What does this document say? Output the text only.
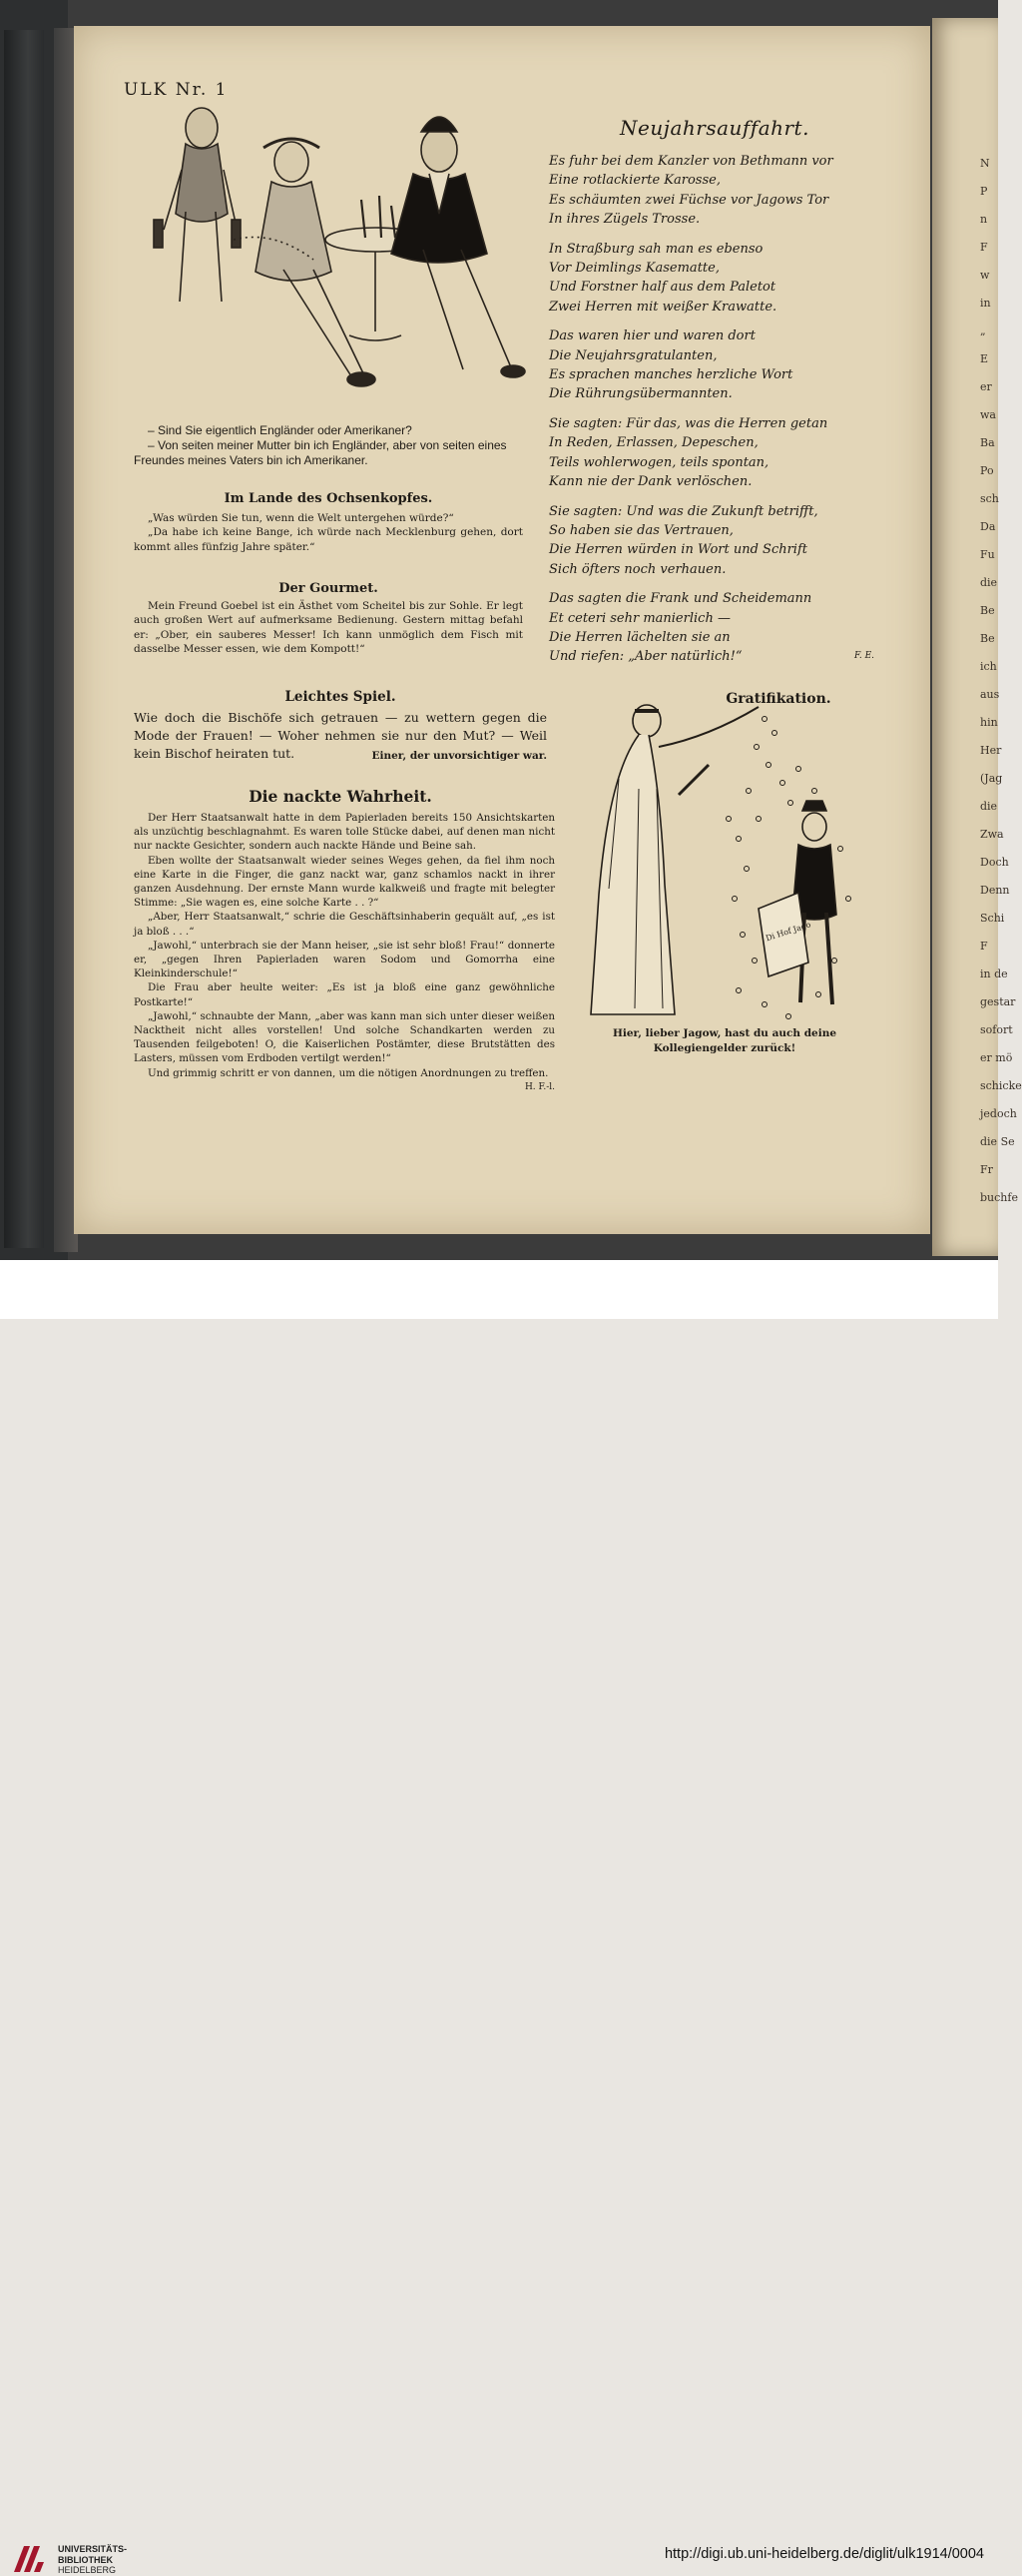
N
P
n
F
w
in
„
E
er
wa
Ba
Po
sch
Da
Fu
die
Be
Be
ich
aus
hin
Her
(Jag
die
Zwa
Doch
Denn
Schi
F
in de
gestar
sofort
er mö
schicke
jedoch
die Se
Fr
buchfe
ULK Nr. 1
– Sind Sie eigentlich Engländer oder Amerikaner?
– Von seiten meiner Mutter bin ich Engländer, aber von seiten eines Freundes meines Vaters bin ich Amerikaner.
Im Lande des Ochsenkopfes.
„Was würden Sie tun, wenn die Welt untergehen würde?“
„Da habe ich keine Bange, ich würde nach Mecklenburg gehen, dort kommt alles fünfzig Jahre später.“
Der Gourmet.
Mein Freund Goebel ist ein Ästhet vom Scheitel bis zur Sohle. Er legt auch großen Wert auf aufmerksame Bedienung. Gestern mittag befahl er: „Ober, ein sauberes Messer! Ich kann unmöglich dem Fisch mit dasselbe Messer essen, wie dem Kompott!“
Leichtes Spiel.
Wie doch die Bischöfe sich getrauen — zu wettern gegen die Mode der Frauen! — Woher nehmen sie nur den Mut? — Weil kein Bischof heiraten tut.	Einer, der unvorsichtiger war.
Die nackte Wahrheit.
Der Herr Staatsanwalt hatte in dem Papierladen bereits 150 Ansichtskarten als unzüchtig beschlagnahmt. Es waren tolle Stücke dabei, auf denen man nicht nur nackte Gesichter, sondern auch nackte Hände und Beine sah.
Eben wollte der Staatsanwalt wieder seines Weges gehen, da fiel ihm noch eine Karte in die Finger, die ganz nackt war, ganz schamlos nackt in ihrer ganzen Ausdehnung. Der ernste Mann wurde kalkweiß und fragte mit belegter Stimme: „Sie wagen es, eine solche Karte . . ?“
„Aber, Herr Staatsanwalt,“ schrie die Geschäftsinhaberin gequält auf, „es ist ja bloß . . .“
„Jawohl,“ unterbrach sie der Mann heiser, „sie ist sehr bloß! Frau!“ donnerte er, „gegen Ihren Papierladen waren Sodom und Gomorrha eine Kleinkinderschule!“
Die Frau aber heulte weiter: „Es ist ja bloß eine ganz gewöhnliche Postkarte!“
„Jawohl,“ schnaubte der Mann, „aber was kann man sich unter dieser weißen Nacktheit nicht alles vorstellen! Und solche Schandkarten werden zu Tausenden feilgeboten! O, die Kaiserlichen Postämter, diese Brutstätten des Lasters, müssen vom Erdboden vertilgt werden!“
Und grimmig schritt er von dannen, um die nötigen Anordnungen zu treffen.
H. F.-l.
Neujahrsauffahrt.
Es fuhr bei dem Kanzler von Bethmann vor
Eine rotlackierte Karosse,
Es schäumten zwei Füchse vor Jagows Tor
In ihres Zügels Trosse.
In Straßburg sah man es ebenso
Vor Deimlings Kasematte,
Und Forstner half aus dem Paletot
Zwei Herren mit weißer Krawatte.
Das waren hier und waren dort
Die Neujahrsgratulanten,
Es sprachen manches herzliche Wort
Die Rührungsübermannten.
Sie sagten: Für das, was die Herren getan
In Reden, Erlassen, Depeschen,
Teils wohlerwogen, teils spontan,
Kann nie der Dank verlöschen.
Sie sagten: Und was die Zukunft betrifft,
So haben sie das Vertrauen,
Die Herren würden in Wort und Schrift
Sich öfters noch verhauen.
Das sagten die Frank und Scheidemann
Et ceteri sehr manierlich —
Die Herren lächelten sie an
Und riefen: „Aber natürlich!“	F. E.
Gratifikation.
Di Hof Jago
Hier, lieber Jagow, hast du auch deine Kollegiengelder zurück!
UNIVERSITÄTS-
BIBLIOTHEK
HEIDELBERG
http://digi.ub.uni-heidelberg.de/diglit/ulk1914/0004
